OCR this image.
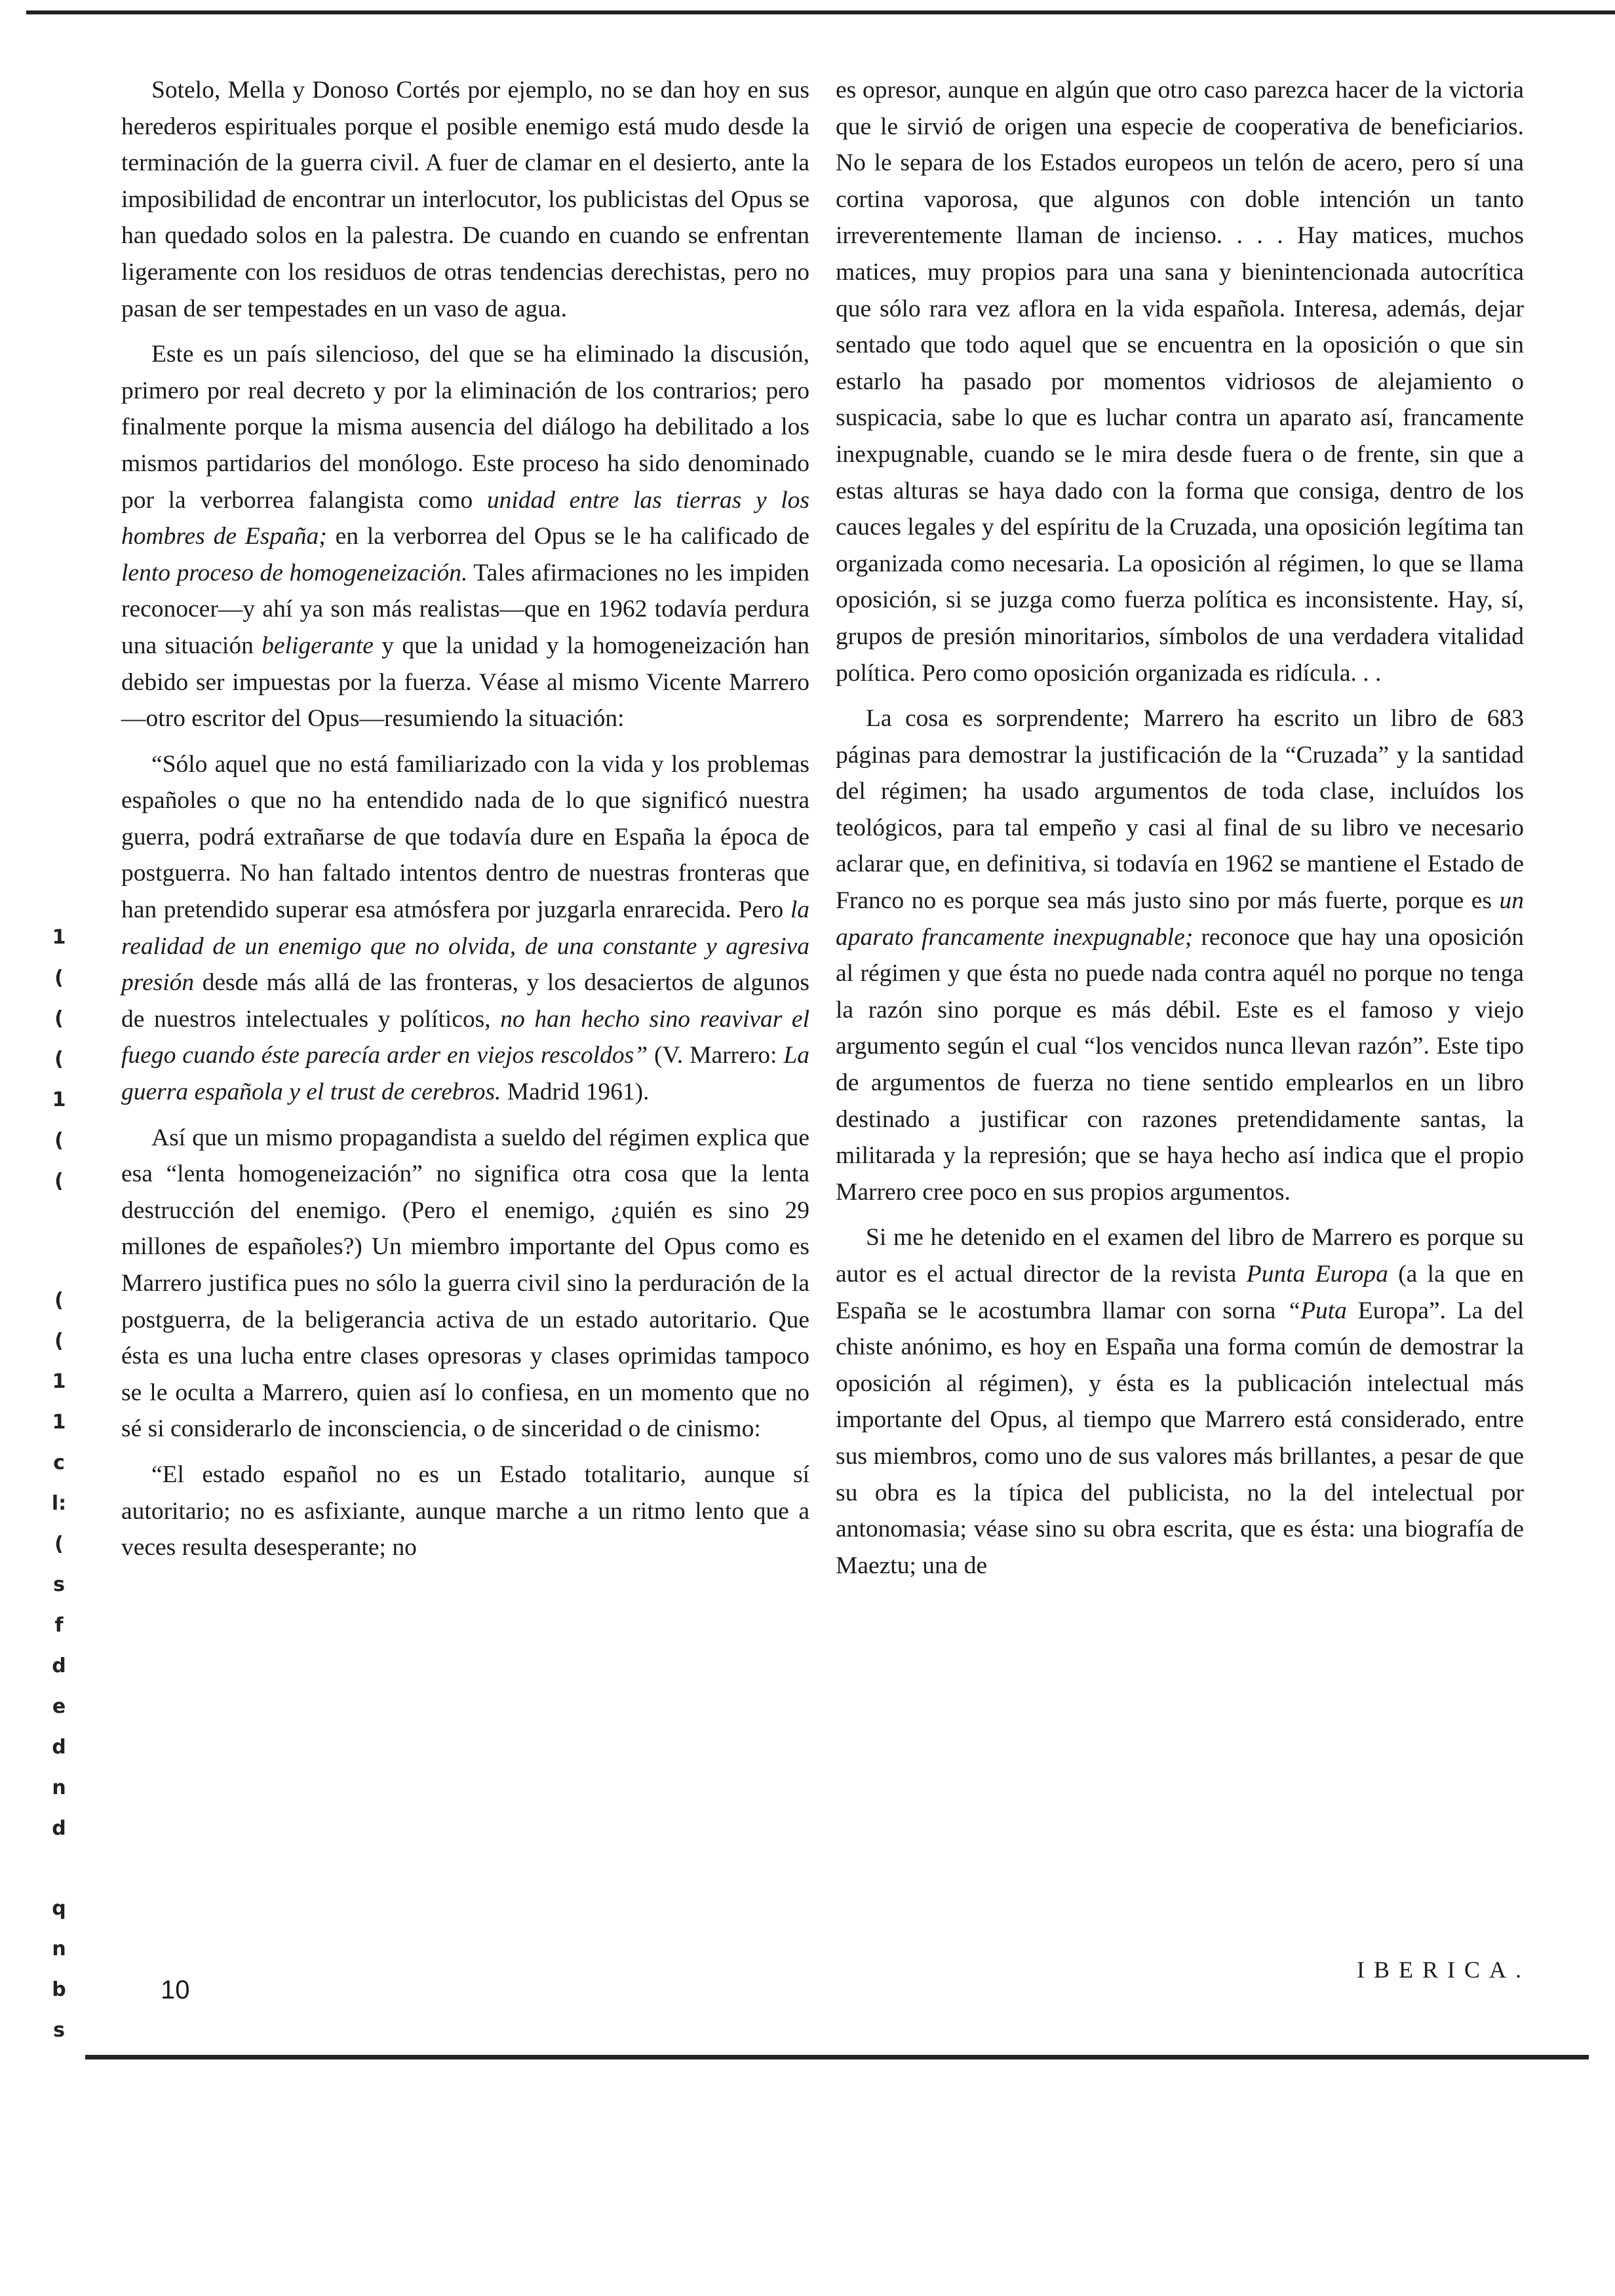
1
(
(
(
1
(
(
(
(
1
1
c
l:
(
s
f
d
e
d
n
d
q
n
b
s

Sotelo, Mella y Donoso Cortés por ejemplo, no se dan hoy en sus herederos espirituales porque el posible enemigo está mudo desde la terminación de la guerra civil. A fuer de clamar en el desierto, ante la imposibilidad de encontrar un interlocutor, los publicistas del Opus se han quedado solos en la palestra. De cuando en cuando se enfrentan ligeramente con los residuos de otras tendencias derechistas, pero no pasan de ser tempestades en un vaso de agua.

Este es un país silencioso, del que se ha eliminado la discusión, primero por real decreto y por la eliminación de los contrarios; pero finalmente porque la misma ausencia del diálogo ha debilitado a los mismos partidarios del monólogo. Este proceso ha sido denominado por la verborrea falangista como unidad entre las tierras y los hombres de España; en la verborrea del Opus se le ha calificado de lento proceso de homogeneización. Tales afirmaciones no les impiden reconocer—y ahí ya son más realistas—que en 1962 todavía perdura una situación beligerante y que la unidad y la homogeneización han debido ser impuestas por la fuerza. Véase al mismo Vicente Marrero—otro escritor del Opus—resumiendo la situación:

“Sólo aquel que no está familiarizado con la vida y los problemas españoles o que no ha entendido nada de lo que significó nuestra guerra, podrá extrañarse de que todavía dure en España la época de postguerra. No han faltado intentos dentro de nuestras fronteras que han pretendido superar esa atmósfera por juzgarla enrarecida. Pero la realidad de un enemigo que no olvida, de una constante y agresiva presión desde más allá de las fronteras, y los desaciertos de algunos de nuestros intelectuales y políticos, no han hecho sino reavivar el fuego cuando éste parecía arder en viejos rescoldos” (V. Marrero: La guerra española y el trust de cerebros. Madrid 1961).

Así que un mismo propagandista a sueldo del régimen explica que esa “lenta homogeneización” no significa otra cosa que la lenta destrucción del enemigo. (Pero el enemigo, ¿quién es sino 29 millones de españoles?) Un miembro importante del Opus como es Marrero justifica pues no sólo la guerra civil sino la perduración de la postguerra, de la beligerancia activa de un estado autoritario. Que ésta es una lucha entre clases opresoras y clases oprimidas tampoco se le oculta a Marrero, quien así lo confiesa, en un momento que no sé si considerarlo de inconsciencia, o de sinceridad o de cinismo:

“El estado español no es un Estado totalitario, aunque sí autoritario; no es asfixiante, aunque marche a un ritmo lento que a veces resulta desesperante; no

es opresor, aunque en algún que otro caso parezca hacer de la victoria que le sirvió de origen una especie de cooperativa de beneficiarios. No le separa de los Estados europeos un telón de acero, pero sí una cortina vaporosa, que algunos con doble intención un tanto irreverentemente llaman de incienso. . . . Hay matices, muchos matices, muy propios para una sana y bienintencionada autocrítica que sólo rara vez aflora en la vida española. Interesa, además, dejar sentado que todo aquel que se encuentra en la oposición o que sin estarlo ha pasado por momentos vidriosos de alejamiento o suspicacia, sabe lo que es luchar contra un aparato así, francamente inexpugnable, cuando se le mira desde fuera o de frente, sin que a estas alturas se haya dado con la forma que consiga, dentro de los cauces legales y del espíritu de la Cruzada, una oposición legítima tan organizada como necesaria. La oposición al régimen, lo que se llama oposición, si se juzga como fuerza política es inconsistente. Hay, sí, grupos de presión minoritarios, símbolos de una verdadera vitalidad política. Pero como oposición organizada es ridícula. . .

La cosa es sorprendente; Marrero ha escrito un libro de 683 páginas para demostrar la justificación de la “Cruzada” y la santidad del régimen; ha usado argumentos de toda clase, incluídos los teológicos, para tal empeño y casi al final de su libro ve necesario aclarar que, en definitiva, si todavía en 1962 se mantiene el Estado de Franco no es porque sea más justo sino por más fuerte, porque es un aparato francamente inexpugnable; reconoce que hay una oposición al régimen y que ésta no puede nada contra aquél no porque no tenga la razón sino porque es más débil. Este es el famoso y viejo argumento según el cual “los vencidos nunca llevan razón”. Este tipo de argumentos de fuerza no tiene sentido emplearlos en un libro destinado a justificar con razones pretendidamente santas, la militarada y la represión; que se haya hecho así indica que el propio Marrero cree poco en sus propios argumentos.

Si me he detenido en el examen del libro de Marrero es porque su autor es el actual director de la revista Punta Europa (a la que en España se le acostumbra llamar con sorna “Puta Europa”. La del chiste anónimo, es hoy en España una forma común de demostrar la oposición al régimen), y ésta es la publicación intelectual más importante del Opus, al tiempo que Marrero está considerado, entre sus miembros, como uno de sus valores más brillantes, a pesar de que su obra es la típica del publicista, no la del intelectual por antonomasia; véase sino su obra escrita, que es ésta: una biografía de Maeztu; una de

10
IBERICA.
